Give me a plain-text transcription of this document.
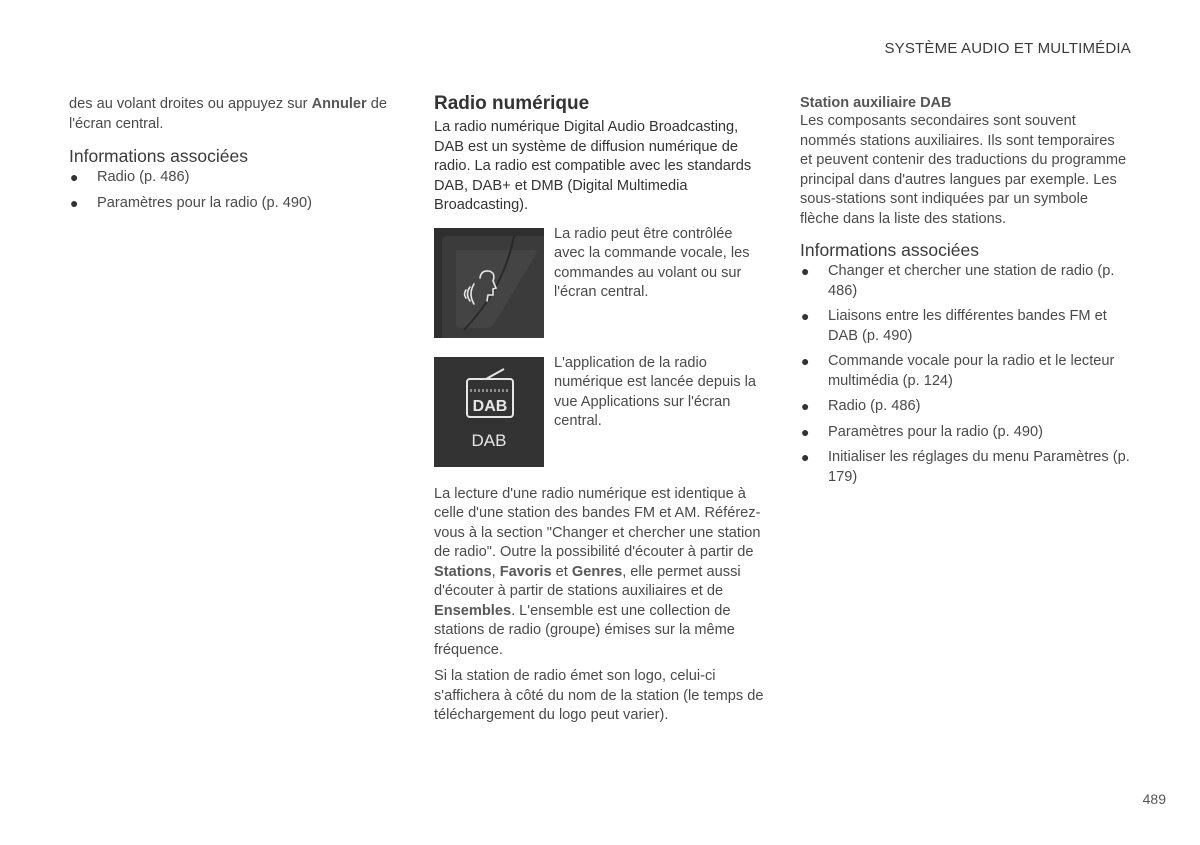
SYSTÈME AUDIO ET MULTIMÉDIA

des au volant droites ou appuyez sur Annuler de l'écran central.

Informations associées
● Radio (p. 486)
● Paramètres pour la radio (p. 490)
Radio numérique

La radio numérique Digital Audio Broadcasting, DAB est un système de diffusion numérique de radio. La radio est compatible avec les standards DAB, DAB+ et DMB (Digital Multimedia Broadcasting).

La radio peut être contrôlée avec la commande vocale, les commandes au volant ou sur l'écran central.

DAB
DAB

L'application de la radio numérique est lancée depuis la vue Applications sur l'écran central.

La lecture d'une radio numérique est identique à celle d'une station des bandes FM et AM. Référez-vous à la section "Changer et chercher une station de radio". Outre la possibilité d'écouter à partir de Stations, Favoris et Genres, elle permet aussi d'écouter à partir de stations auxiliaires et de Ensembles. L'ensemble est une collection de stations de radio (groupe) émises sur la même fréquence.

Si la station de radio émet son logo, celui-ci s'affichera à côté du nom de la station (le temps de téléchargement du logo peut varier).

Station auxiliaire DAB

Les composants secondaires sont souvent nommés stations auxiliaires. Ils sont temporaires et peuvent contenir des traductions du programme principal dans d'autres langues par exemple. Les sous-stations sont indiquées par un symbole flèche dans la liste des stations.

Informations associées
● Changer et chercher une station de radio (p. 486)
● Liaisons entre les différentes bandes FM et DAB (p. 490)
● Commande vocale pour la radio et le lecteur multimédia (p. 124)
● Radio (p. 486)
● Paramètres pour la radio (p. 490)
● Initialiser les réglages du menu Paramètres (p. 179)
489
